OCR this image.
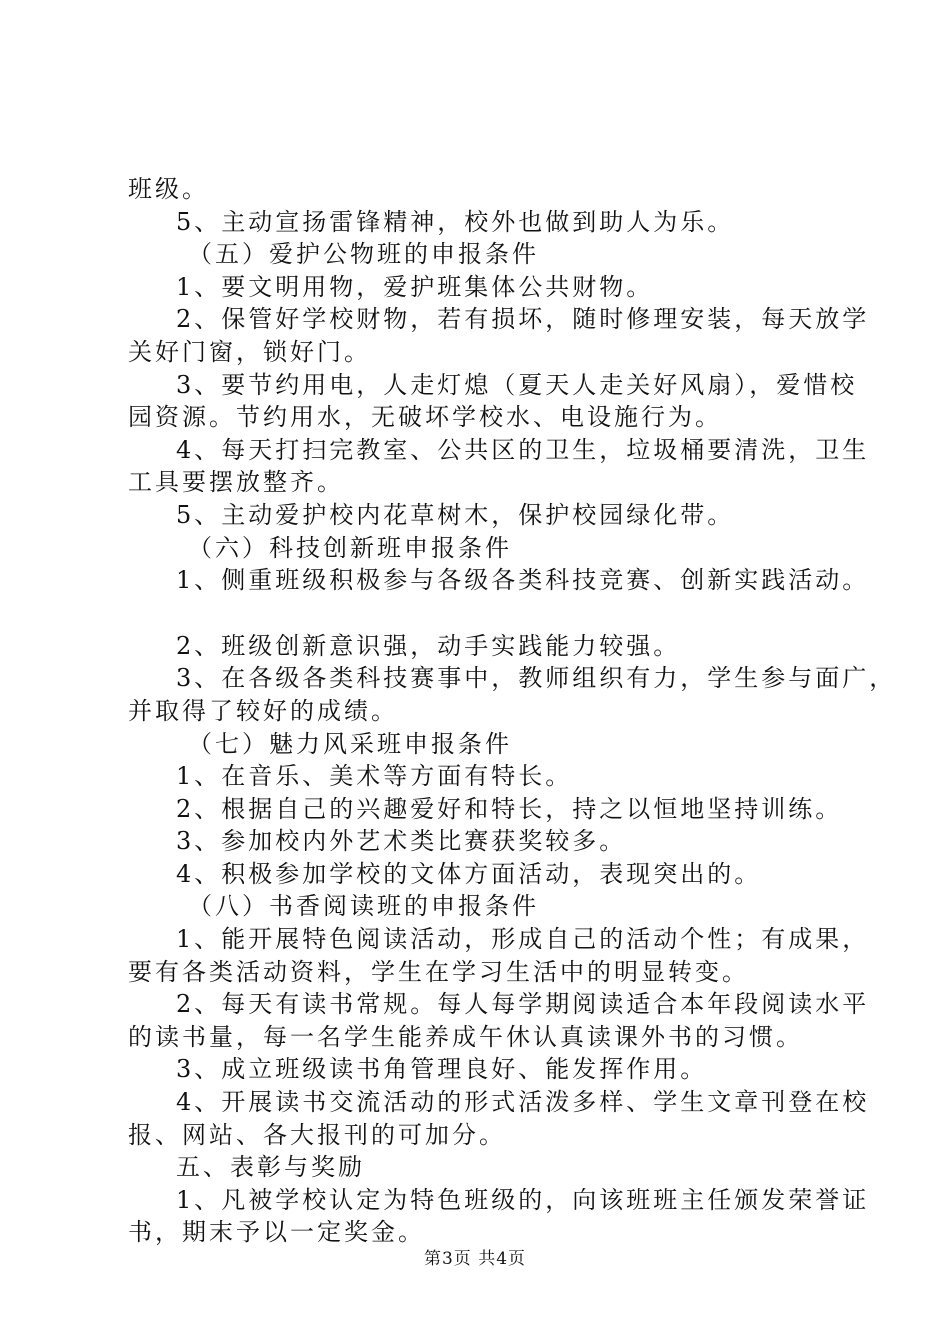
班级。
5、主动宣扬雷锋精神，校外也做到助人为乐。
（五）爱护公物班的申报条件
1、要文明用物，爱护班集体公共财物。
2、保管好学校财物，若有损坏，随时修理安装，每天放学
关好门窗，锁好门。
3、要节约用电，人走灯熄（夏天人走关好风扇），爱惜校
园资源。节约用水，无破坏学校水、电设施行为。
4、每天打扫完教室、公共区的卫生，垃圾桶要清洗，卫生
工具要摆放整齐。
5、主动爱护校内花草树木，保护校园绿化带。
（六）科技创新班申报条件
1、侧重班级积极参与各级各类科技竞赛、创新实践活动。
2、班级创新意识强，动手实践能力较强。
3、在各级各类科技赛事中，教师组织有力，学生参与面广，
并取得了较好的成绩。
（七）魅力风采班申报条件
1、在音乐、美术等方面有特长。
2、根据自己的兴趣爱好和特长，持之以恒地坚持训练。
3、参加校内外艺术类比赛获奖较多。
4、积极参加学校的文体方面活动，表现突出的。
（八）书香阅读班的申报条件
1、能开展特色阅读活动，形成自己的活动个性；有成果，
要有各类活动资料，学生在学习生活中的明显转变。
2、每天有读书常规。每人每学期阅读适合本年段阅读水平
的读书量，每一名学生能养成午休认真读课外书的习惯。
3、成立班级读书角管理良好、能发挥作用。
4、开展读书交流活动的形式活泼多样、学生文章刊登在校
报、网站、各大报刊的可加分。
五、表彰与奖励
1、凡被学校认定为特色班级的，向该班班主任颁发荣誉证
书，期末予以一定奖金。
第3页 共4页
